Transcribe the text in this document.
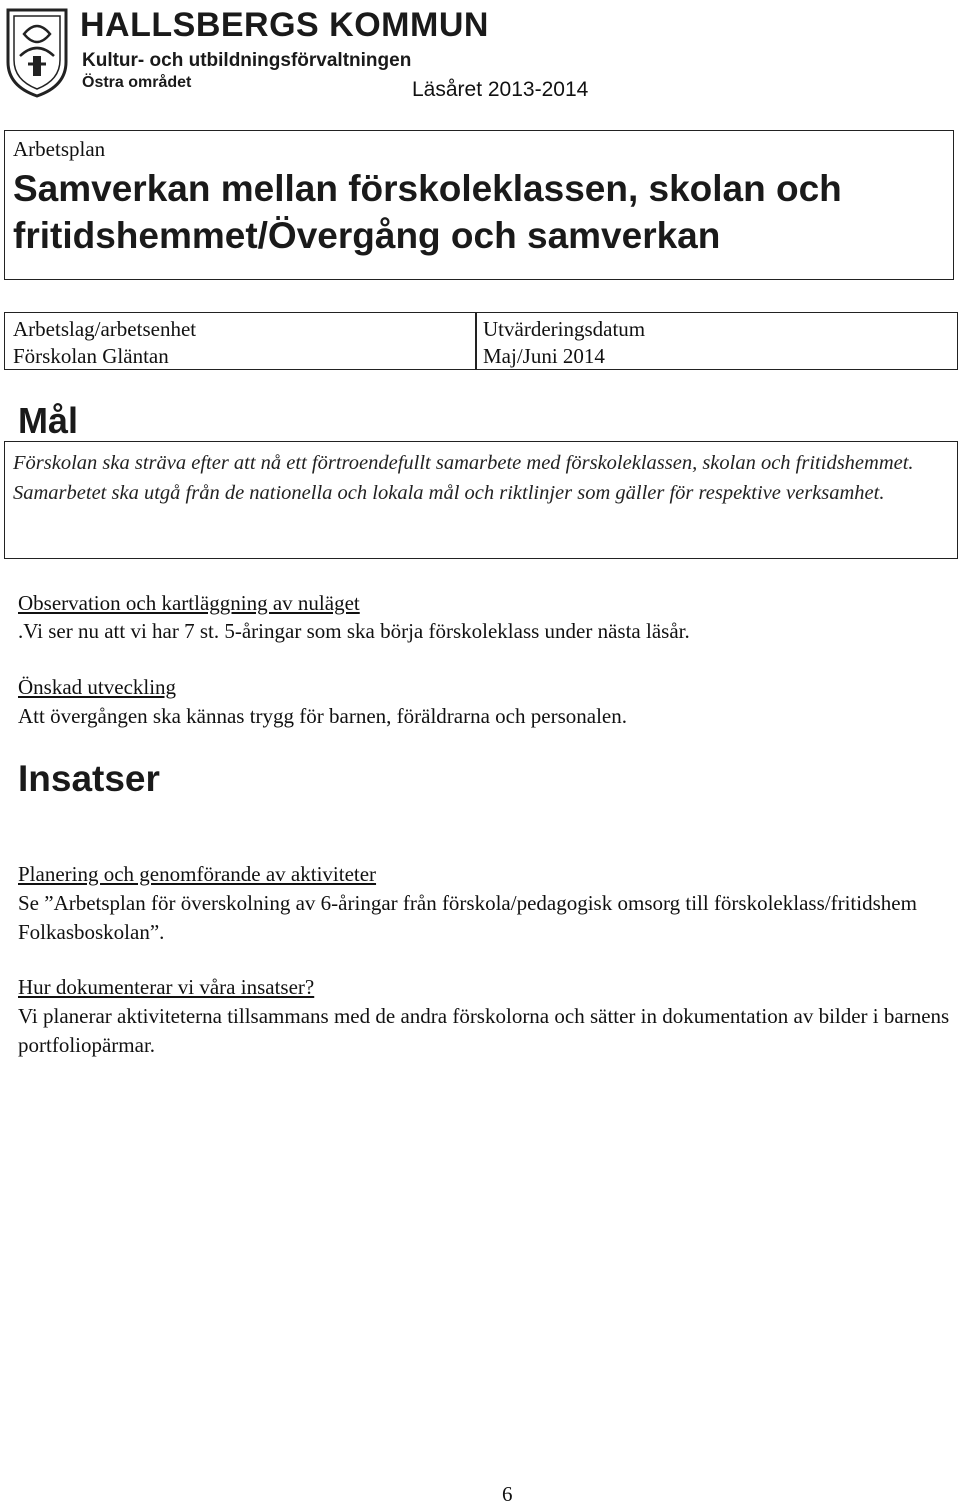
HALLSBERGS KOMMUN
Kultur- och utbildningsförvaltningen
Östra området	Läsåret 2013-2014
Arbetsplan
Samverkan mellan förskoleklassen, skolan och fritidshemmet/Övergång och samverkan
Arbetslag/arbetsenhet
Förskolan Gläntan
Utvärderingsdatum
Maj/Juni 2014
Mål
Förskolan ska sträva efter att nå ett förtroendefullt samarbete med förskoleklassen, skolan och fritidshemmet. Samarbetet ska utgå från de nationella och lokala mål och riktlinjer som gäller för respektive verksamhet.
Observation och kartläggning av nuläget
.Vi ser nu att vi har 7 st. 5-åringar som ska börja förskoleklass under nästa läsår.
Önskad utveckling
Att övergången ska kännas trygg för barnen, föräldrarna och personalen.
Insatser
Planering och genomförande av aktiviteter
Se ”Arbetsplan för överskolning av 6-åringar från förskola/pedagogisk omsorg till förskoleklass/fritidshem Folkasboskolan”.
Hur dokumenterar vi våra insatser?
Vi planerar aktiviteterna tillsammans med de andra förskolorna och sätter in dokumentation av bilder i barnens portfoliopärmar.
6
